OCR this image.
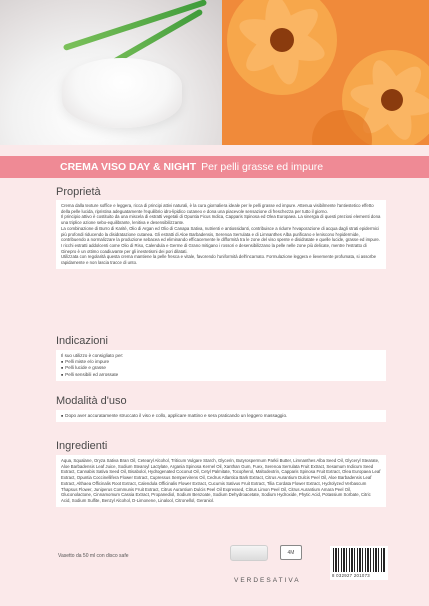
CREMA VISO DAY & NIGHT Per pelli grasse ed impure
Proprietà

Crema dalla texture soffice e leggera, ricca di principi attivi naturali, è la cura giornaliera ideale per le pelli grasse ed impure. Attenua visibilmente l'antiestetico effetto della pelle lucida, ripristina adeguatamente l'equilibrio idro-lipidico cutaneo e dona una piacevole sensazione di freschezza per tutto il giorno.

Il principio attivo è costituito da una miscela di estratti vegetali di Opuntia Ficus Indica, Capparis Spinosa ed Olea Europaea. La sinergia di questi preziosi elementi dona una triplice azione sebo-equilibrante, lenitiva e desensibilizzante.

La combinazione di Burro di Karitè, Olio di Argan ed Olio di Canapa Sativa, nutrienti e antiossidanti, contribuisce a ridurre l'evaporazione di acqua dagli strati epidermici più profondi riducendo la disidratazione cutanea. Gli estratti di Aloe Barbadensis, Serenoa Serrulata e di Limnanthes Alba purificano e leniscono l'epidermide, contribuendo a normalizzare la produzione sebacea ed eliminando efficacemente le difformità tra le zone del viso spente e disidratate e quelle lucide, grasse ed impure. I ricchi estratti addolcenti come Olio di Riso, Calendula e Germe di Grano mitigano i rossori e desensibilizzano la pelle nelle zone più delicate, mentre l'estratto di Ginepro è un ottimo coadiuvante per gli inestetismi dei pori dilatati.

Utilizzata con regolarità questa crema mantiene la pelle fresca e vitale, favorendo l'uniformità dell'incarnato. Formulazione leggera e lievemente profumata, si assorbe rapidamente e non lascia tracce di unto.

Indicazioni

Il suo utilizzo è consigliato per:

■ Pelli miste e/o impure
■ Pelli lucide e grasse
■ Pelli sensibili ed arrossate
Modalità d'uso
■ Dopo aver accuratamente struccato il viso e collo, applicare mattino e sera praticando un leggero massaggio.
Ingredienti

Aqua, Squalane, Oryza Sativa Bran Oil, Cetearyl Alcohol, Triticum Vulgare Starch, Glycerin, Butyrospermum Parkii Butter, Limnanthes Alba Seed Oil, Glyceryl Stearate, Aloe Barbadensis Leaf Juice, Sodium Stearoyl Lactylate, Argania Spinosa Kernel Oil, Xanthan Gum, Fuex, Serenoa Serrulata Fruit Extract, Sesamum Indicum Seed Extract, Cannabis Sativa Seed Oil, Bisabolol, Hydrogenated Coconut Oil, Cetyl Palmitate, Tocopherol, Maltodextrin, Capparis Spinosa Fruit Extract, Olea Europaea Leaf Extract, Opuntia Coccinellifera Flower Extract, Cupressus Sempervirens Oil, Cedrus Atlantica Bark Extract, Citrus Aurantium Dulcis Peel Oil, Aloe Barbadensis Leaf Extract, Althaea Officinalis Root Extract, Calendula Officinalis Flower Extract, Cucumis Sativus Fruit Extract, Tilia Cordata Flower Extract, Hydrolyzed Verbascum Thapsus Flower, Juniperus Communis Fruit Extract, Citrus Aurantium Dulcis Peel Oil Expressed, Citrus Limon Peel Oil, Citrus Aurantium Amara Peel Oil, Gluconolactone, Cinnamomum Cassia Extract, Propanediol, Sodium Benzoate, Sodium Dehydroacetate, Sodium Hydroxide, Phytic Acid, Potassium Sorbate, Citric Acid, Sodium Sulfite, Benzyl Alcohol, D-Limonene, Linalool, Citronellol, Geraniol.

Vasetto da 50 ml con disco safe
4M
VERDESATIVA
8 032927 201073
